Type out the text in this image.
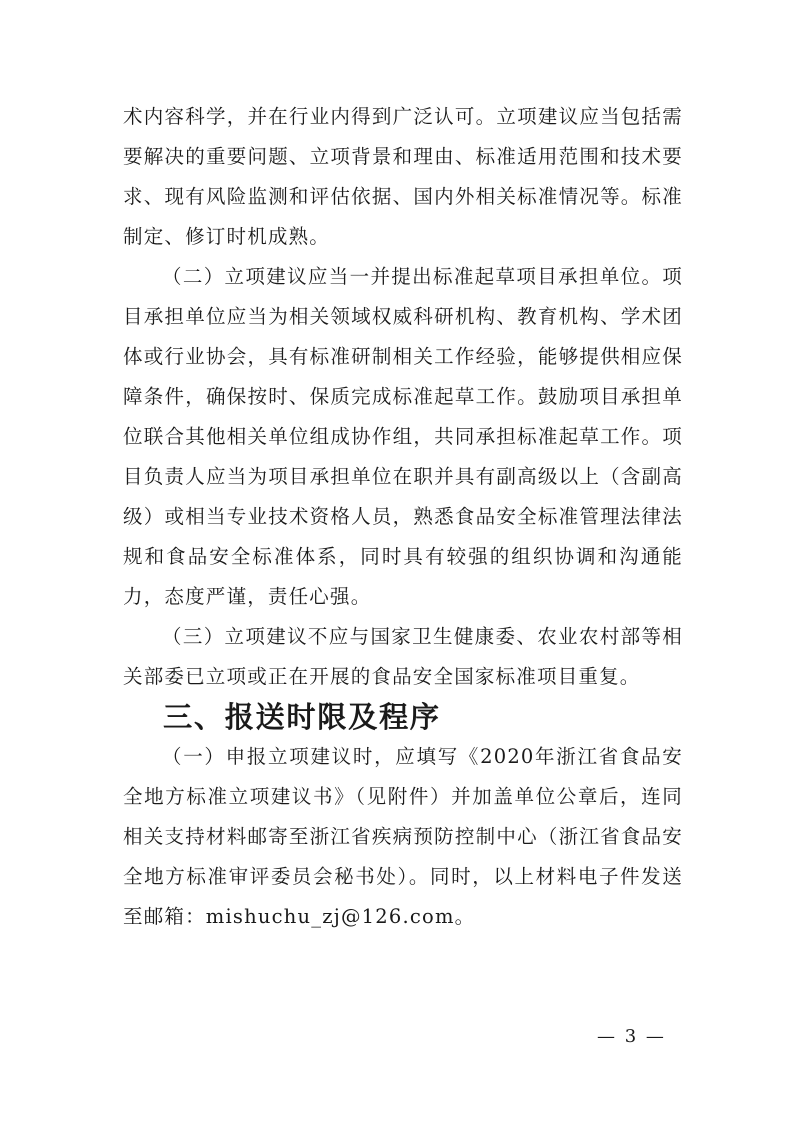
术内容科学，并在行业内得到广泛认可。立项建议应当包括需要解决的重要问题、立项背景和理由、标准适用范围和技术要求、现有风险监测和评估依据、国内外相关标准情况等。标准制定、修订时机成熟。

（二）立项建议应当一并提出标准起草项目承担单位。项目承担单位应当为相关领域权威科研机构、教育机构、学术团体或行业协会，具有标准研制相关工作经验，能够提供相应保障条件，确保按时、保质完成标准起草工作。鼓励项目承担单位联合其他相关单位组成协作组，共同承担标准起草工作。项目负责人应当为项目承担单位在职并具有副高级以上（含副高级）或相当专业技术资格人员，熟悉食品安全标准管理法律法规和食品安全标准体系，同时具有较强的组织协调和沟通能力，态度严谨，责任心强。

（三）立项建议不应与国家卫生健康委、农业农村部等相关部委已立项或正在开展的食品安全国家标准项目重复。

三、报送时限及程序

（一）申报立项建议时，应填写《2020年浙江省食品安全地方标准立项建议书》（见附件）并加盖单位公章后，连同相关支持材料邮寄至浙江省疾病预防控制中心（浙江省食品安全地方标准审评委员会秘书处）。同时，以上材料电子件发送至邮箱：mishuchu_zj@126.com。

— 3 —
